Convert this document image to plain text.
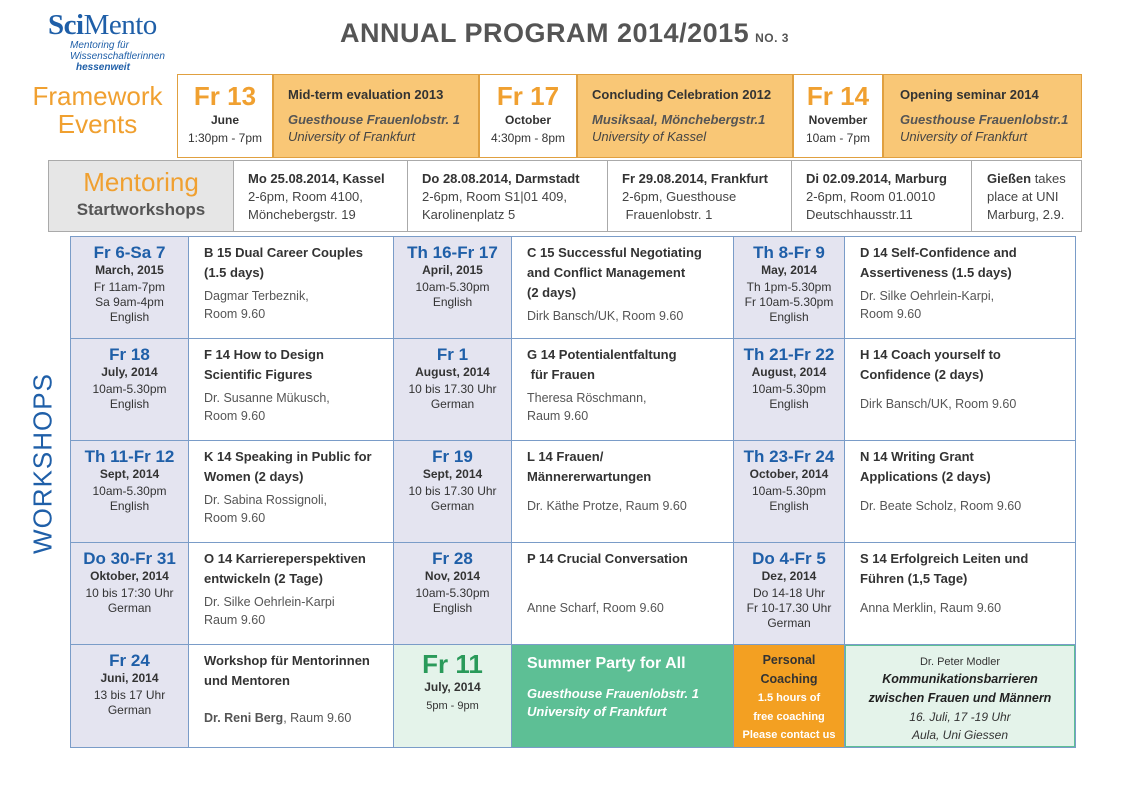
SciMento
Mentoring für
Wissenschaftlerinnen
hessenweit
ANNUAL PROGRAM 2014/2015 NO. 3
Framework
Events
Fr 13
June
1:30pm - 7pm
Mid-term evaluation 2013
Guesthouse Frauenlobstr. 1
University of Frankfurt
Fr 17
October
4:30pm - 8pm
Concluding Celebration 2012
Musiksaal, Mönchebergstr.1
University of Kassel
Fr 14
November
10am - 7pm
Opening seminar 2014
Guesthouse Frauenlobstr.1
University of Frankfurt
Mentoring
Startworkshops
Mo 25.08.2014, Kassel
2-6pm, Room 4100,
Mönchebergstr. 19
Do 28.08.2014, Darmstadt
2-6pm, Room S1|01 409,
Karolinenplatz 5
Fr 29.08.2014, Frankfurt
2-6pm, Guesthouse
Frauenlobstr. 1
Di 02.09.2014, Marburg
2-6pm, Room 01.0010
Deutschhausstr.11
Gießen takes
place at UNI
Marburg, 2.9.
WORKSHOPS
Fr 6-Sa 7
March, 2015
Fr 11am-7pm
Sa 9am-4pm
English
B 15 Dual Career Couples
(1.5 days)
Dagmar Terbeznik,
Room 9.60
Th 16-Fr 17
April, 2015
10am-5.30pm
English
C 15 Successful Negotiating
and Conflict Management
(2 days)
Dirk Bansch/UK, Room 9.60
Th 8-Fr 9
May, 2014
Th 1pm-5.30pm
Fr 10am-5.30pm
English
D 14 Self-Confidence and
Assertiveness (1.5 days)
Dr. Silke Oehrlein-Karpi,
Room 9.60
Fr 18
July, 2014
10am-5.30pm
English
F 14 How to Design
Scientific Figures
Dr. Susanne Mükusch,
Room 9.60
Fr 1
August, 2014
10 bis 17.30 Uhr
German
G 14 Potentialentfaltung
für Frauen
Theresa Röschmann,
Raum 9.60
Th 21-Fr 22
August, 2014
10am-5.30pm
English
H 14 Coach yourself to
Confidence (2 days)
Dirk Bansch/UK, Room 9.60
Th 11-Fr 12
Sept, 2014
10am-5.30pm
English
K 14 Speaking in Public for
Women (2 days)
Dr. Sabina Rossignoli,
Room 9.60
Fr 19
Sept, 2014
10 bis 17.30 Uhr
German
L 14 Frauen/
Männererwartungen
Dr. Käthe Protze, Raum 9.60
Th 23-Fr 24
October, 2014
10am-5.30pm
English
N 14 Writing Grant
Applications (2 days)
Dr. Beate Scholz, Room 9.60
Do 30-Fr 31
Oktober, 2014
10 bis 17:30 Uhr
German
O 14 Karriereperspektiven
entwickeln (2 Tage)
Dr. Silke Oehrlein-Karpi
Raum 9.60
Fr 28
Nov, 2014
10am-5.30pm
English
P 14 Crucial Conversation
Anne Scharf, Room 9.60
Do 4-Fr 5
Dez, 2014
Do 14-18 Uhr
Fr 10-17.30 Uhr
German
S 14 Erfolgreich Leiten und
Führen (1,5 Tage)
Anna Merklin, Raum 9.60
Fr 24
Juni, 2014
13 bis 17 Uhr
German
Workshop für Mentorinnen
und Mentoren
Dr. Reni Berg, Raum 9.60
Fr 11
July, 2014
5pm - 9pm
Summer Party for All
Guesthouse Frauenlobstr. 1
University of Frankfurt
Personal
Coaching
1.5 hours of
free coaching
Please contact us
Dr. Peter Modler
Kommunikationsbarrieren
zwischen Frauen und Männern
16. Juli, 17 -19 Uhr
Aula, Uni Giessen
